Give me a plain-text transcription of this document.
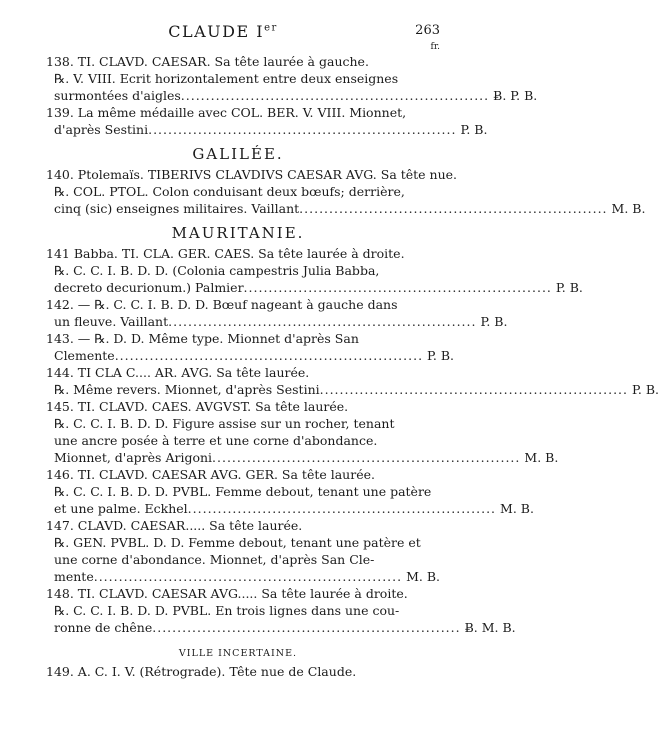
CLAUDE Ier	263
fr.
138. TI. CLAVD. CAESAR. Sa tête laurée à gauche.
℞. V. VIII. Ecrit horizontalement entre deux enseignes
surmontées d'aigles .............................................................. Ƀ. P. B.
139. La même médaille avec COL. BER. V. VIII. Mionnet,
d'après Sestini .............................................................. P. B.
GALILÉE.
140. Ptolemaïs. TIBERIVS CLAVDIVS CAESAR AVG. Sa tête nue.
℞. COL. PTOL. Colon conduisant deux bœufs; derrière,
cinq (sic) enseignes militaires. Vaillant .............................................................. M. B.
MAURITANIE.
141 Babba. TI. CLA. GER. CAES. Sa tête laurée à droite.
℞. C. C. I. B. D. D. (Colonia campestris Julia Babba,
decreto decurionum.) Palmier .............................................................. P. B.
142. — ℞. C. C. I. B. D. D. Bœuf nageant à gauche dans
un fleuve. Vaillant .............................................................. P. B.
143. — ℞. D. D. Même type. Mionnet d'après San
Clemente .............................................................. P. B.
144. TI CLA C.... AR. AVG. Sa tête laurée.
℞. Même revers. Mionnet, d'après Sestini .............................................................. P. B.
145. TI. CLAVD. CAES. AVGVST. Sa tête laurée.
℞. C. C. I. B. D. D. Figure assise sur un rocher, tenant
une ancre posée à terre et une corne d'abondance.
Mionnet, d'après Arigoni .............................................................. M. B.
146. TI. CLAVD. CAESAR AVG. GER. Sa tête laurée.
℞. C. C. I. B. D. D. PVBL. Femme debout, tenant une patère
et une palme. Eckhel .............................................................. M. B.
147. CLAVD. CAESAR..... Sa tête laurée.
℞. GEN. PVBL. D. D. Femme debout, tenant une patère et
une corne d'abondance. Mionnet, d'après San Cle-
mente .............................................................. M. B.
148. TI. CLAVD. CAESAR AVG..... Sa tête laurée à droite.
℞. C. C. I. B. D. D. PVBL. En trois lignes dans une cou-
ronne de chêne .............................................................. Ƀ. M. B.
VILLE INCERTAINE.
149. A. C. I. V. (Rétrograde). Tête nue de Claude.
